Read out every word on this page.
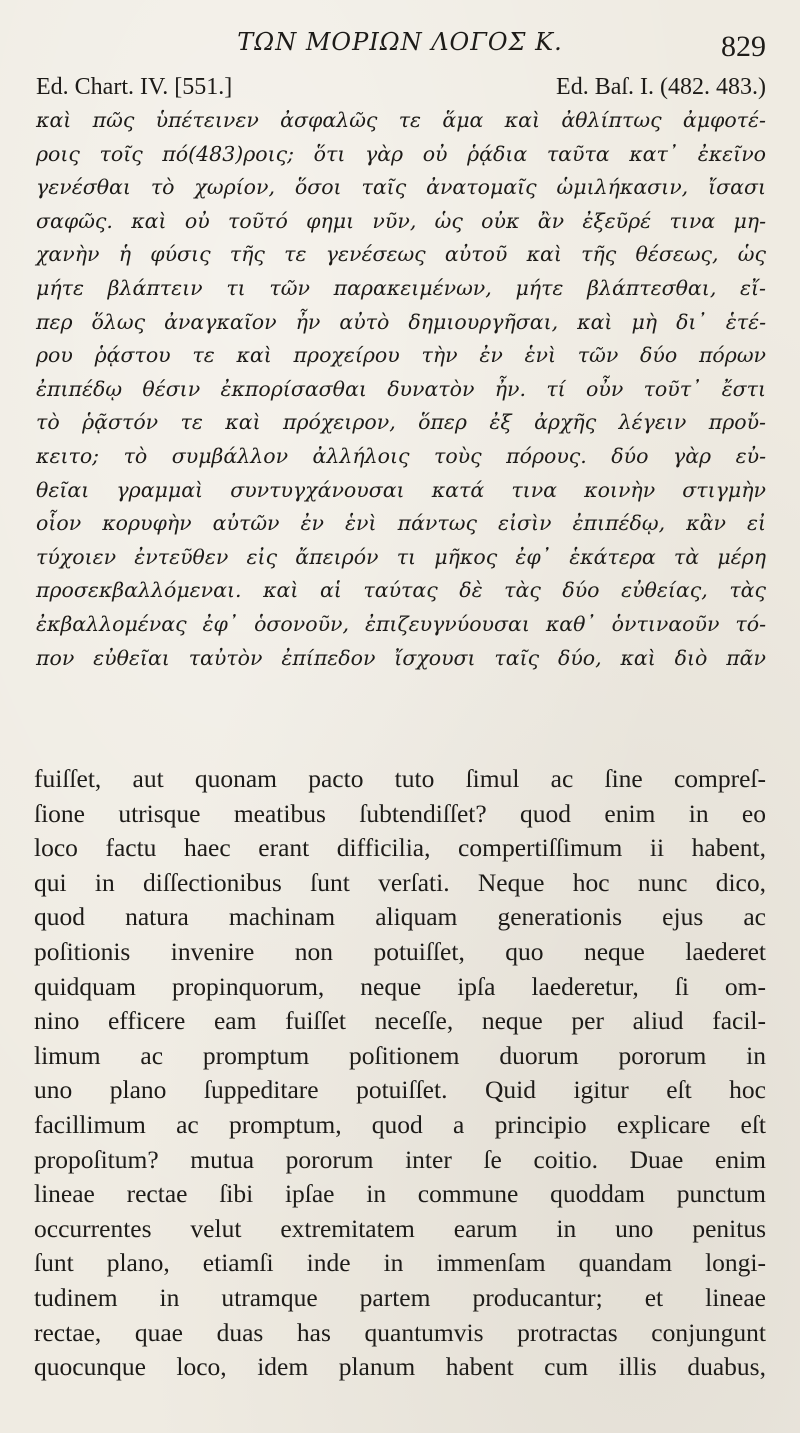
ΤΩΝ ΜΟΡΙΩΝ ΛΟΓΟΣ Κ.	829
Ed. Chart. IV. [551.]	Ed. Baſ. I. (482. 483.)
καὶ πῶς ὑπέτεινεν ἀσφαλῶς τε ἅμα καὶ ἀθλίπτως ἀμφοτέ-
ροις τοῖς πό(483)ροις; ὅτι γὰρ οὐ ῥᾴδια ταῦτα κατ᾽ ἐκεῖνο
γενέσθαι τὸ χωρίον, ὅσοι ταῖς ἀνατομαῖς ὡμιλήκασιν, ἴσασι
σαφῶς. καὶ οὐ τοῦτό φημι νῦν, ὡς οὐκ ἂν ἐξεῦρέ τινα μη-
χανὴν ἡ φύσις τῆς τε γενέσεως αὐτοῦ καὶ τῆς θέσεως, ὡς
μήτε βλάπτειν τι τῶν παρακειμένων, μήτε βλάπτεσθαι, εἴ-
περ ὅλως ἀναγκαῖον ἦν αὐτὸ δημιουργῆσαι, καὶ μὴ δι᾽ ἑτέ-
ρου ῥᾴστου τε καὶ προχείρου τὴν ἐν ἑνὶ τῶν δύο πόρων
ἐπιπέδῳ θέσιν ἐκπορίσασθαι δυνατὸν ἦν. τί οὖν τοῦτ᾽ ἔστι
τὸ ῥᾷστόν τε καὶ πρόχειρον, ὅπερ ἐξ ἀρχῆς λέγειν προὔ-
κειτο; τὸ συμβάλλον ἀλλήλοις τοὺς πόρους. δύο γὰρ εὐ-
θεῖαι γραμμαὶ συντυγχάνουσαι κατά τινα κοινὴν στιγμὴν
οἷον κορυφὴν αὐτῶν ἐν ἑνὶ πάντως εἰσὶν ἐπιπέδῳ, κἂν εἰ
τύχοιεν ἐντεῦθεν εἰς ἄπειρόν τι μῆκος ἐφ᾽ ἑκάτερα τὰ μέρη
προσεκβαλλόμεναι. καὶ αἱ ταύτας δὲ τὰς δύο εὐθείας, τὰς
ἐκβαλλομένας ἐφ᾽ ὁσονοῦν, ἐπιζευγνύουσαι καθ᾽ ὁντιναοῦν τό-
πον εὐθεῖαι ταὐτὸν ἐπίπεδον ἴσχουσι ταῖς δύο, καὶ διὸ πᾶν
fuiſſet, aut quonam pacto tuto ſimul ac ſine compreſ-
ſione utrisque meatibus ſubtendiſſet? quod enim in eo
loco factu haec erant difficilia, compertiſſimum ii habent,
qui in diſſectionibus ſunt verſati. Neque hoc nunc dico,
quod natura machinam aliquam generationis ejus ac
poſitionis invenire non potuiſſet, quo neque laederet
quidquam propinquorum, neque ipſa laederetur, ſi om-
nino efficere eam fuiſſet neceſſe, neque per aliud facil-
limum ac promptum poſitionem duorum pororum in
uno plano ſuppeditare potuiſſet. Quid igitur eſt hoc
facillimum ac promptum, quod a principio explicare eſt
propoſitum? mutua pororum inter ſe coitio. Duae enim
lineae rectae ſibi ipſae in commune quoddam punctum
occurrentes velut extremitatem earum in uno penitus
ſunt plano, etiamſi inde in immenſam quandam longi-
tudinem in utramque partem producantur; et lineae
rectae, quae duas has quantumvis protractas conjungunt
quocunque loco, idem planum habent cum illis duabus,
